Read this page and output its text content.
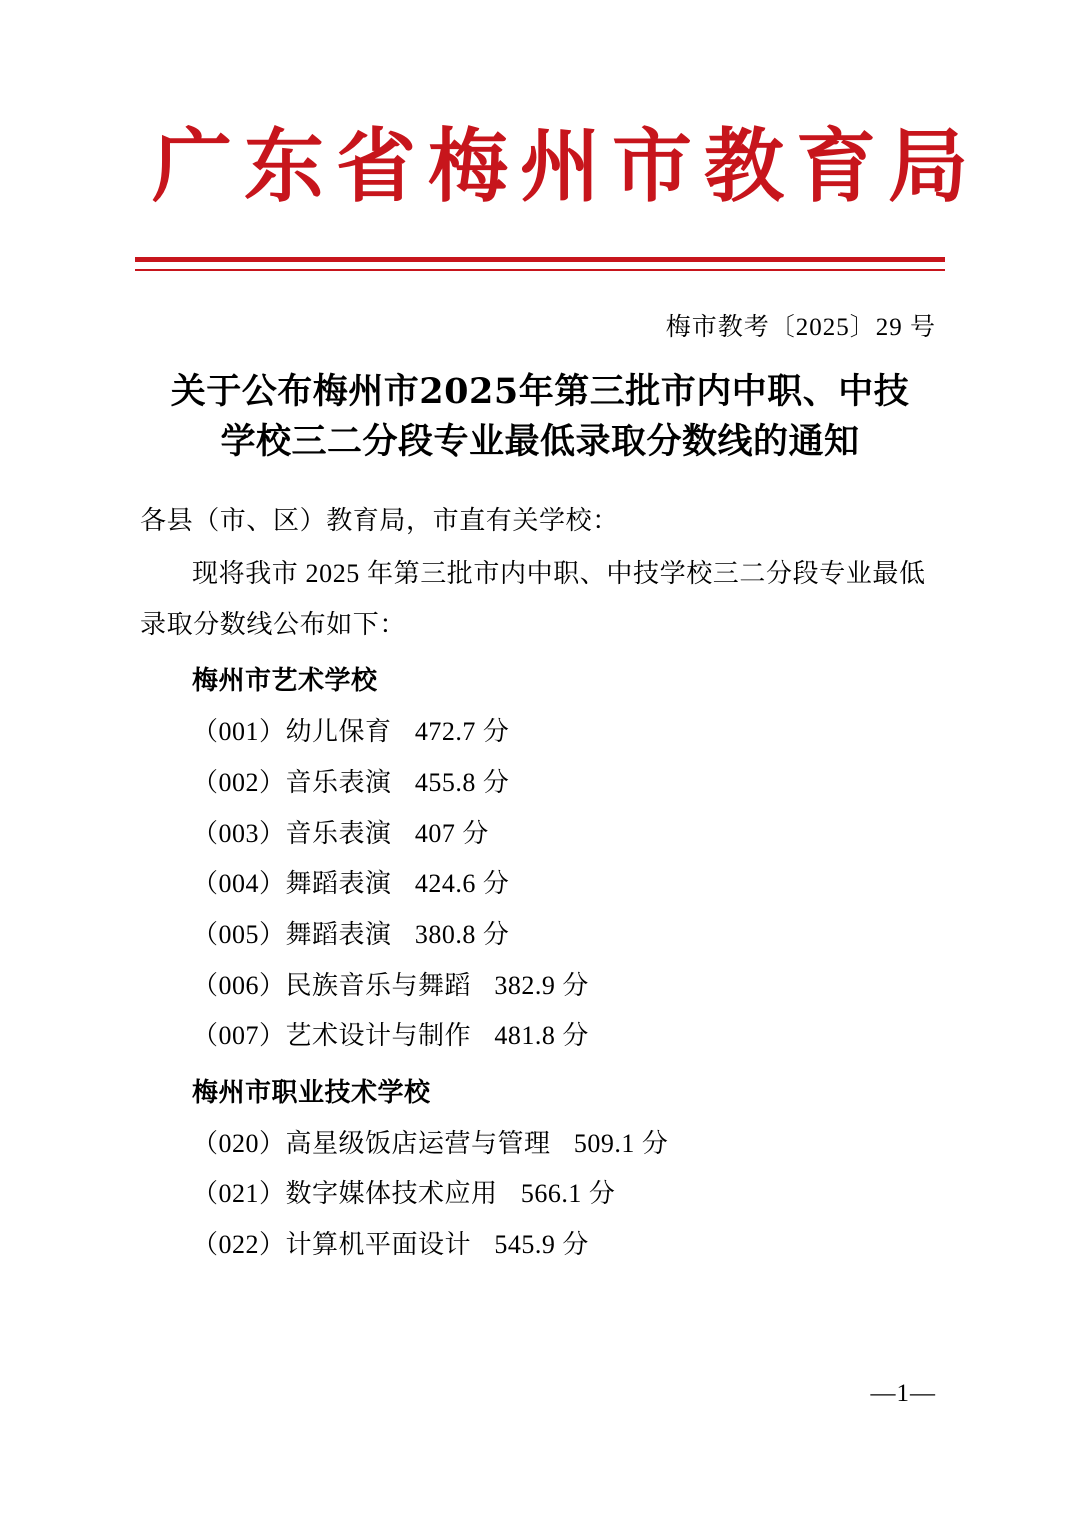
广东省梅州市教育局
梅市教考〔2025〕29 号
关于公布梅州市2025年第三批市内中职、中技
学校三二分段专业最低录取分数线的通知
各县（市、区）教育局，市直有关学校：
现将我市 2025 年第三批市内中职、中技学校三二分段专业最低录取分数线公布如下：
梅州市艺术学校
（001）幼儿保育 472.7 分
（002）音乐表演 455.8 分
（003）音乐表演 407 分
（004）舞蹈表演 424.6 分
（005）舞蹈表演 380.8 分
（006）民族音乐与舞蹈 382.9 分
（007）艺术设计与制作 481.8 分
梅州市职业技术学校
（020）高星级饭店运营与管理 509.1 分
（021）数字媒体技术应用 566.1 分
（022）计算机平面设计 545.9 分
—1—
